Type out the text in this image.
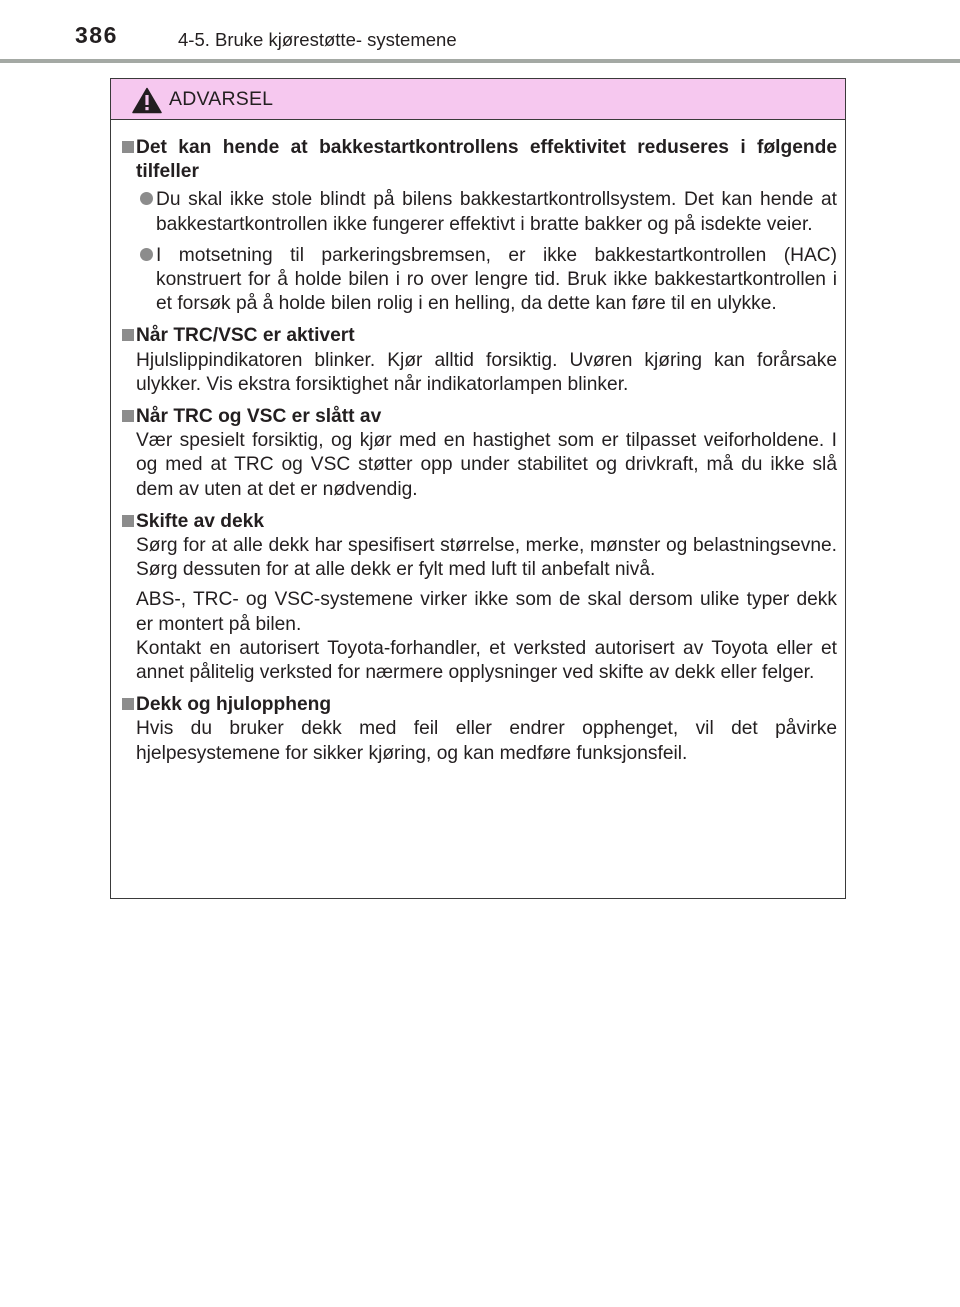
386	4-5. Bruke kjørestøtte- systemene
ADVARSEL
Det kan hende at bakkestartkontrollens effektivitet reduseres i følgende tilfeller
Du skal ikke stole blindt på bilens bakkestartkontrollsystem. Det kan hende at bakkestartkontrollen ikke fungerer effektivt i bratte bakker og på isdekte veier.
I motsetning til parkeringsbremsen, er ikke bakkestartkontrollen (HAC) konstruert for å holde bilen i ro over lengre tid. Bruk ikke bakkestartkontrollen i et forsøk på å holde bilen rolig i en helling, da dette kan føre til en ulykke.
Når TRC/VSC er aktivert
Hjulslippindikatoren blinker. Kjør alltid forsiktig. Uvøren kjøring kan forårsake ulykker. Vis ekstra forsiktighet når indikatorlampen blinker.
Når TRC og VSC er slått av
Vær spesielt forsiktig, og kjør med en hastighet som er tilpasset veiforholdene. I og med at TRC og VSC støtter opp under stabilitet og drivkraft, må du ikke slå dem av uten at det er nødvendig.
Skifte av dekk
Sørg for at alle dekk har spesifisert størrelse, merke, mønster og belastningsevne. Sørg dessuten for at alle dekk er fylt med luft til anbefalt nivå.
ABS-, TRC- og VSC-systemene virker ikke som de skal dersom ulike typer dekk er montert på bilen.
Kontakt en autorisert Toyota-forhandler, et verksted autorisert av Toyota eller et annet pålitelig verksted for nærmere opplysninger ved skifte av dekk eller felger.
Dekk og hjuloppheng
Hvis du bruker dekk med feil eller endrer opphenget, vil det påvirke hjelpesystemene for sikker kjøring, og kan medføre funksjonsfeil.
